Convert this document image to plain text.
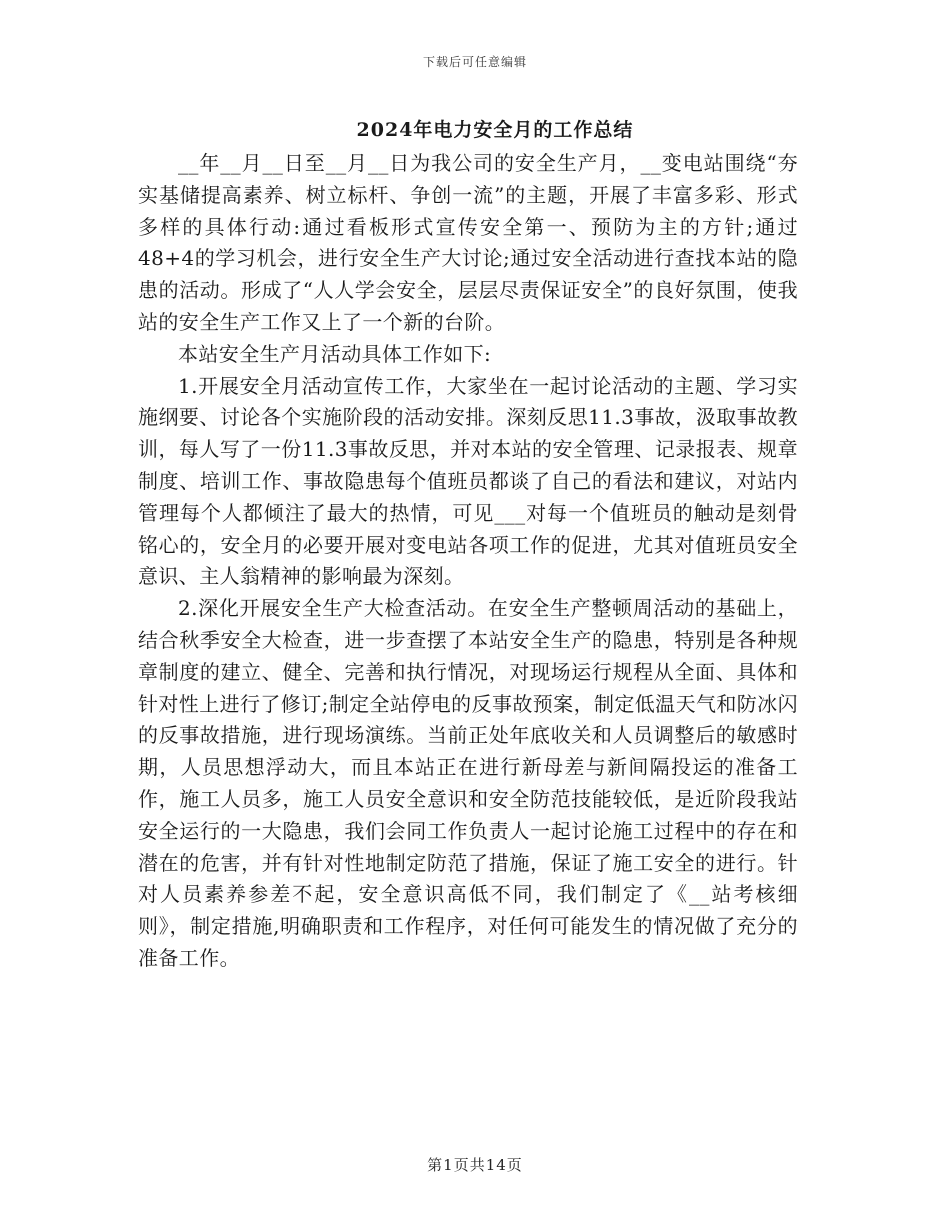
下载后可任意编辑
2024年电力安全月的工作总结

__年__月__日至__月__日为我公司的安全生产月，__变电站围绕“夯实基储提高素养、树立标杆、争创一流”的主题，开展了丰富多彩、形式多样的具体行动:通过看板形式宣传安全第一、预防为主的方针;通过48+4的学习机会，进行安全生产大讨论;通过安全活动进行查找本站的隐患的活动。形成了“人人学会安全，层层尽责保证安全”的良好氛围，使我站的安全生产工作又上了一个新的台阶。

本站安全生产月活动具体工作如下:

1.开展安全月活动宣传工作，大家坐在一起讨论活动的主题、学习实施纲要、讨论各个实施阶段的活动安排。深刻反思11.3事故，汲取事故教训，每人写了一份11.3事故反思，并对本站的安全管理、记录报表、规章制度、培训工作、事故隐患每个值班员都谈了自己的看法和建议，对站内管理每个人都倾注了最大的热情，可见___对每一个值班员的触动是刻骨铭心的，安全月的必要开展对变电站各项工作的促进，尤其对值班员安全意识、主人翁精神的影响最为深刻。

2.深化开展安全生产大检查活动。在安全生产整顿周活动的基础上，结合秋季安全大检查，进一步查摆了本站安全生产的隐患，特别是各种规章制度的建立、健全、完善和执行情况，对现场运行规程从全面、具体和针对性上进行了修订;制定全站停电的反事故预案，制定低温天气和防冰闪的反事故措施，进行现场演练。当前正处年底收关和人员调整后的敏感时期，人员思想浮动大，而且本站正在进行新母差与新间隔投运的准备工作，施工人员多，施工人员安全意识和安全防范技能较低，是近阶段我站安全运行的一大隐患，我们会同工作负责人一起讨论施工过程中的存在和潜在的危害，并有针对性地制定防范了措施，保证了施工安全的进行。针对人员素养参差不起，安全意识高低不同，我们制定了《__站考核细则》，制定措施,明确职责和工作程序，对任何可能发生的情况做了充分的准备工作。

第1页共14页
